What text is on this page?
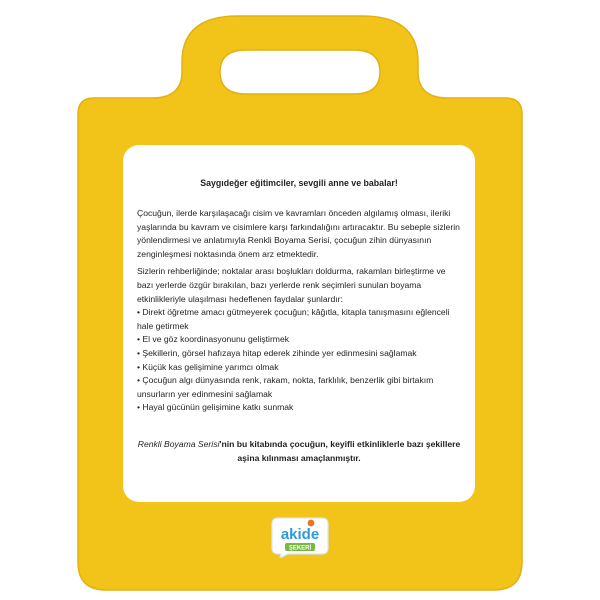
Saygıdeğer eğitimciler, sevgili anne ve babalar!

Çocuğun, ilerde karşılaşacağı cisim ve kavramları önceden algılamış olması, ileriki yaşlarında bu kavram ve cisimlere karşı farkındalığını artıracaktır. Bu sebeple sizlerin yönlendirmesi ve anlatımıyla Renkli Boyama Serisi, çocuğun zihin dünyasının zenginleşmesi noktasında önem arz etmektedir.

Sizlerin rehberliğinde; noktalar arası boşlukları doldurma, rakamları birleştirme ve bazı yerlerde özgür bırakılan, bazı yerlerde renk seçimleri sunulan boyama etkinlikleriyle ulaşılması hedeflenen faydalar şunlardır:

• Direkt öğretme amacı gütmeyerek çocuğun; kâğıtla, kitapla tanışmasını eğlenceli hale getirmek
• El ve göz koordinasyonunu geliştirmek
• Şekillerin, görsel hafızaya hitap ederek zihinde yer edinmesini sağlamak
• Küçük kas gelişimine yarımcı olmak
• Çocuğun algı dünyasında renk, rakam, nokta, farklılık, benzerlik gibi birtakım unsurların yer edinmesini sağlamak
• Hayal gücünün gelişimine katkı sunmak
Renkli Boyama Serisi'nin bu kitabında çocuğun, keyifli etkinliklerle bazı şekillere aşina kılınması amaçlanmıştır.
akide
ŞEKERİ
